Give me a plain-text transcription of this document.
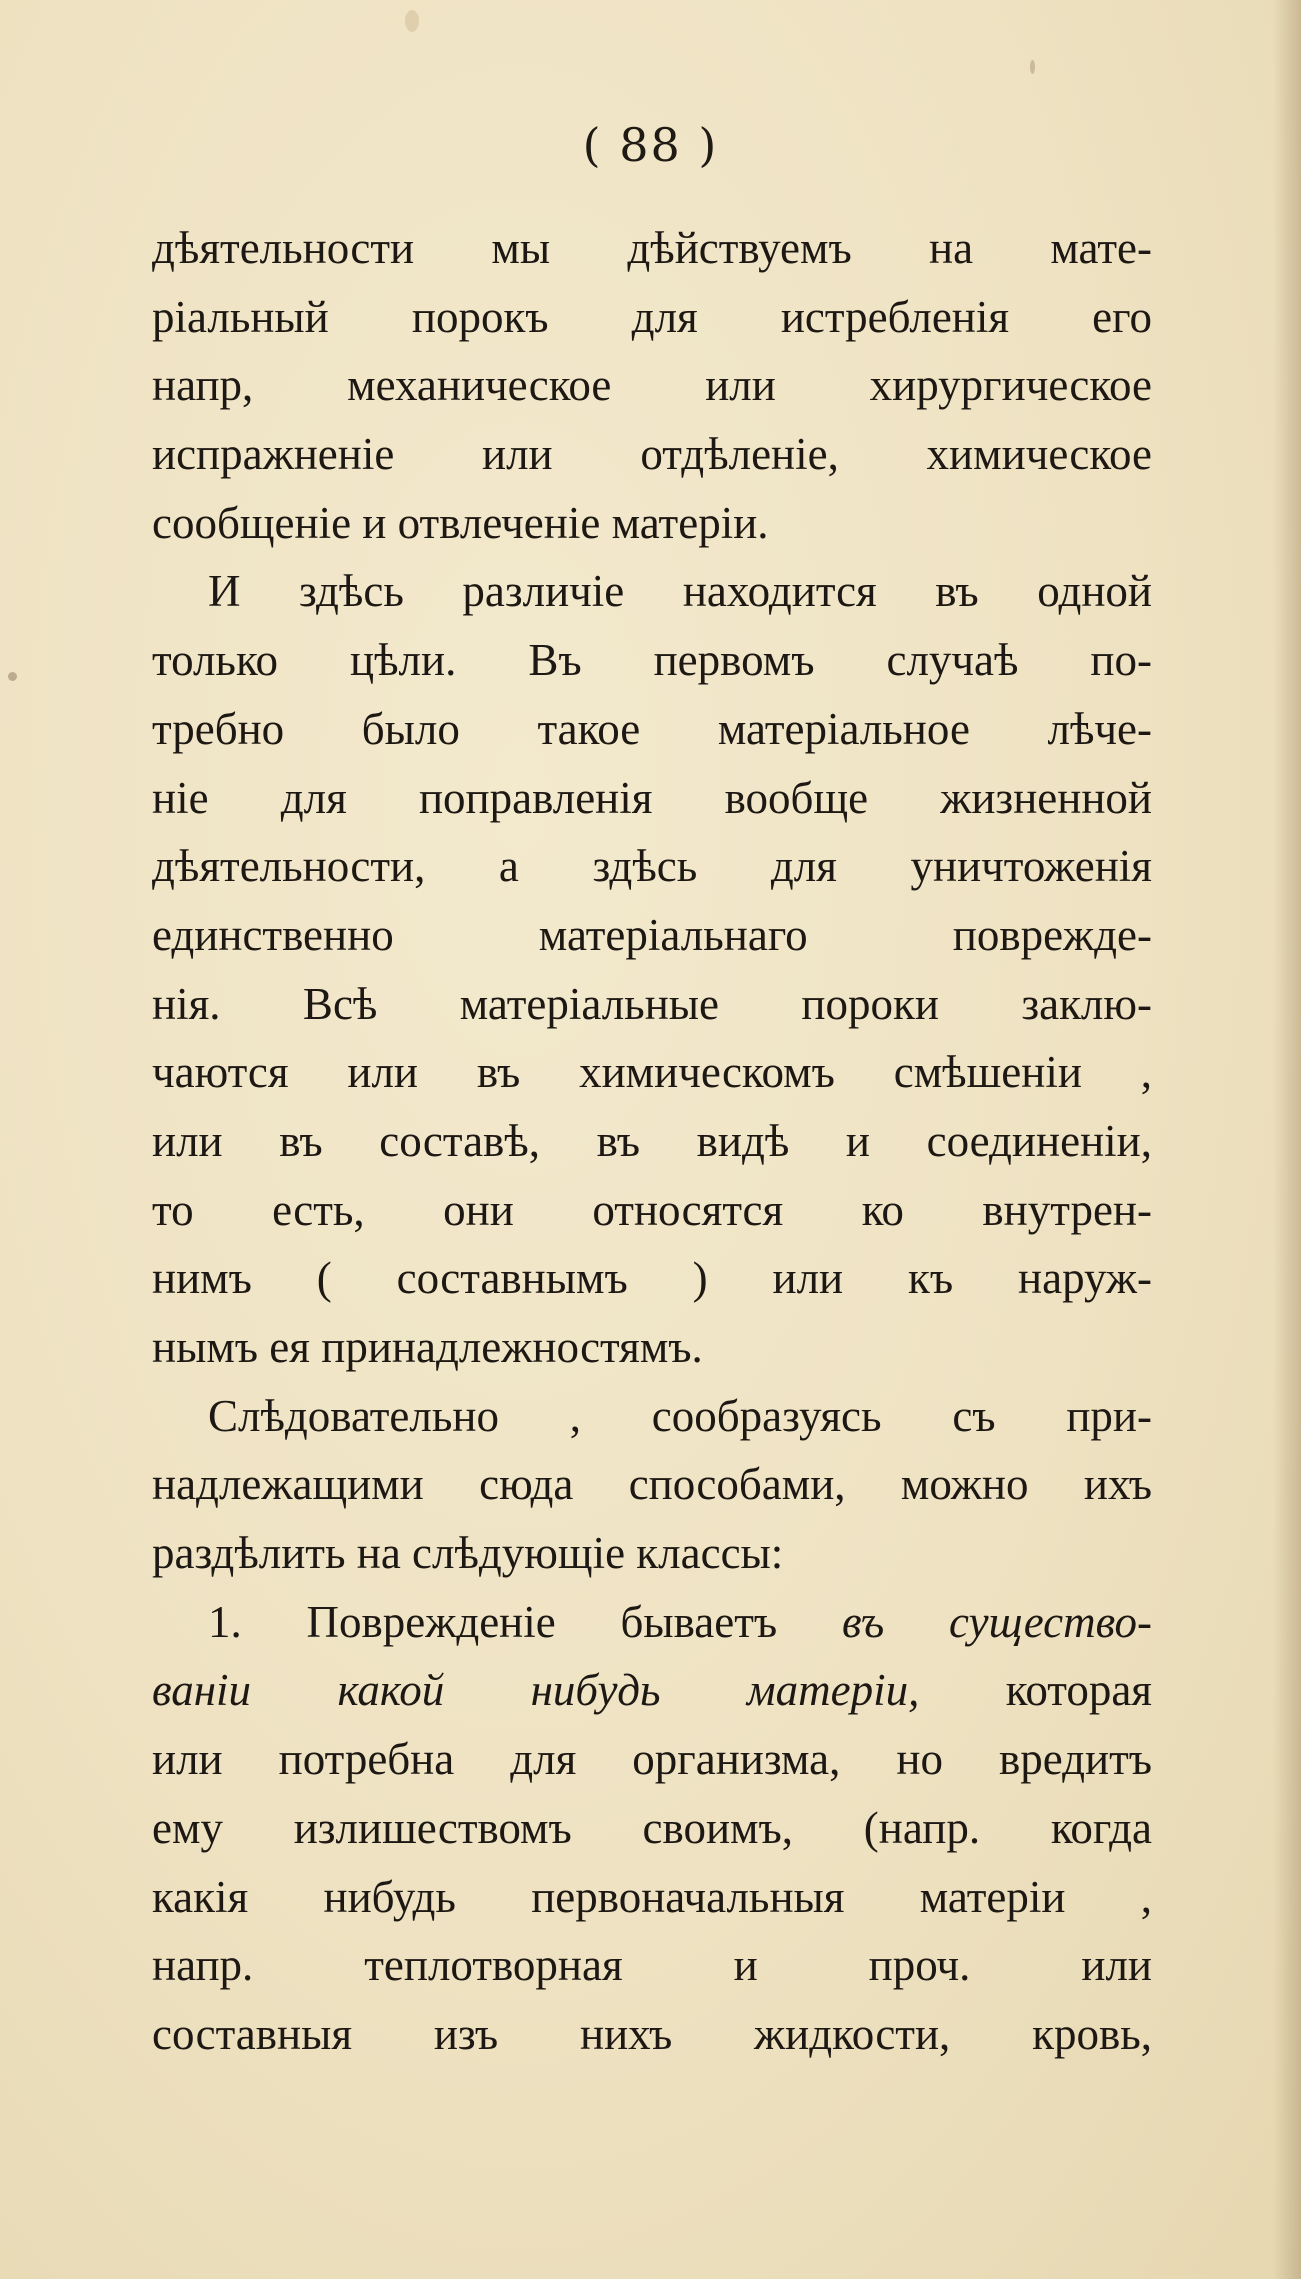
( 88 )
дѣятельности мы дѣйствуемъ на мате-
ріальный порокъ для истребленія его
напр, механическое или хирургическое
испражненіе или отдѣленіе, химическое
сообщеніе и отвлеченіе матеріи.
И здѣсь различіе находится въ одной
только цѣли. Въ первомъ случаѣ по-
требно было такое матеріальное лѣче-
ніе для поправленія вообще жизненной
дѣятельности, а здѣсь для уничтоженія
единственно матеріальнаго поврежде-
нія. Всѣ матеріальные пороки заклю-
чаются или въ химическомъ смѣшеніи ,
или въ составѣ, въ видѣ и соединеніи,
то есть, они относятся ко внутрен-
нимъ ( составнымъ ) или къ наруж-
нымъ ея принадлежностямъ.
Слѣдовательно , сообразуясь съ при-
надлежащими сюда способами, можно ихъ
раздѣлить на слѣдующіе классы:
1. Поврежденіе бываетъ въ существо-
ваніи какой нибудь матеріи, которая
или потребна для организма, но вредитъ
ему излишествомъ своимъ, (напр. когда
какія нибудь первоначальныя матеріи ,
напр. теплотворная и проч. или
составныя изъ нихъ жидкости, кровь,
